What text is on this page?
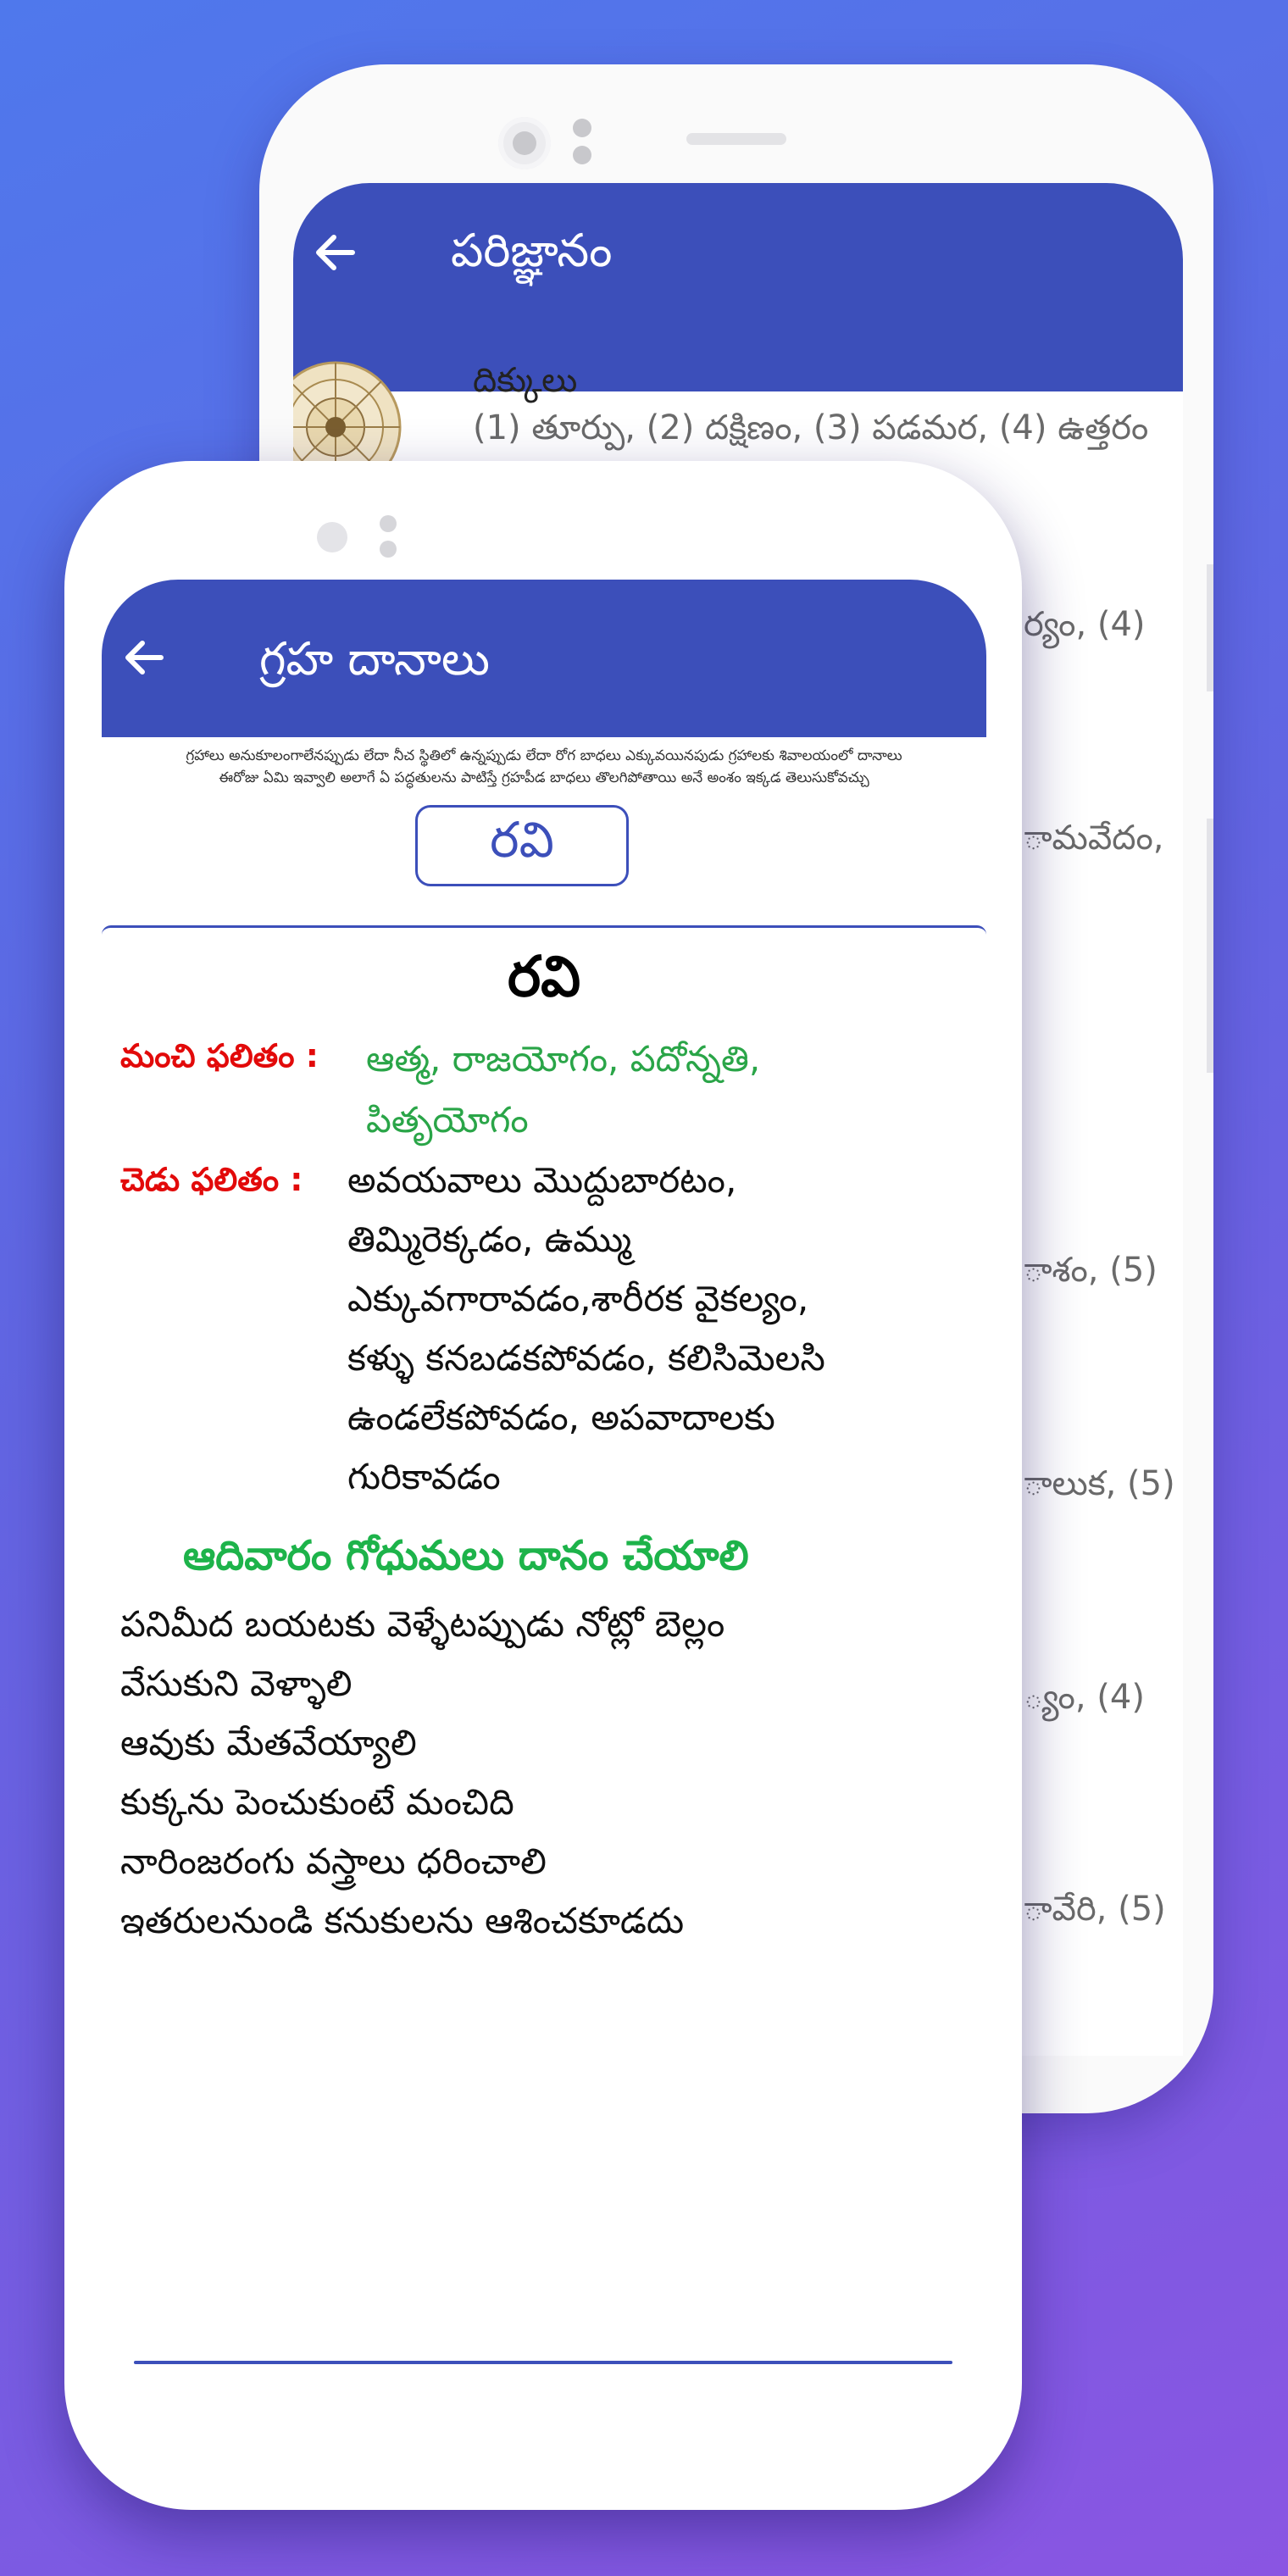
పరిజ్ఞానం
దిక్కులు
(1) తూర్పు, (2) దక్షిణం, (3) పడమర, (4) ఉత్తరం
ర్యం, (4)
ామవేదం,
ాశం, (5)
ాలుక, (5)
్యం, (4)
ావేరి, (5)
గ్రహ దానాలు
గ్రహాలు అనుకూలంగాలేనప్పుడు లేదా నీచ స్థితిలో ఉన్నప్పుడు లేదా రోగ బాధలు ఎక్కువయినపుడు గ్రహాలకు శివాలయంలో దానాలు
ఈరోజు ఏమి ఇవ్వాలి అలాగే ఏ పద్ధతులను పాటిస్తే గ్రహపీడ బాధలు తొలగిపోతాయి అనే అంశం ఇక్కడ తెలుసుకోవచ్చు
రవి
రవి
మంచి ఫలితం : ఆత్మ, రాజయోగం, పదోన్నతి,
పితృయోగం
చెడు ఫలితం : అవయవాలు మొద్దుబారటం,
తిమ్మిరెక్కడం, ఉమ్ము
ఎక్కువగారావడం,శారీరక వైకల్యం,
కళ్ళు కనబడకపోవడం, కలిసిమెలసి
ఉండలేకపోవడం, అపవాదాలకు
గురికావడం
ఆదివారం గోధుమలు దానం చేయాలి
పనిమీద బయటకు వెళ్ళేటప్పుడు నోట్లో బెల్లం
వేసుకుని వెళ్ళాలి
ఆవుకు మేతవేయ్యాలి
కుక్కను పెంచుకుంటే మంచిది
నారింజరంగు వస్త్రాలు ధరించాలి
ఇతరులనుండి కనుకులను ఆశించకూడదు
